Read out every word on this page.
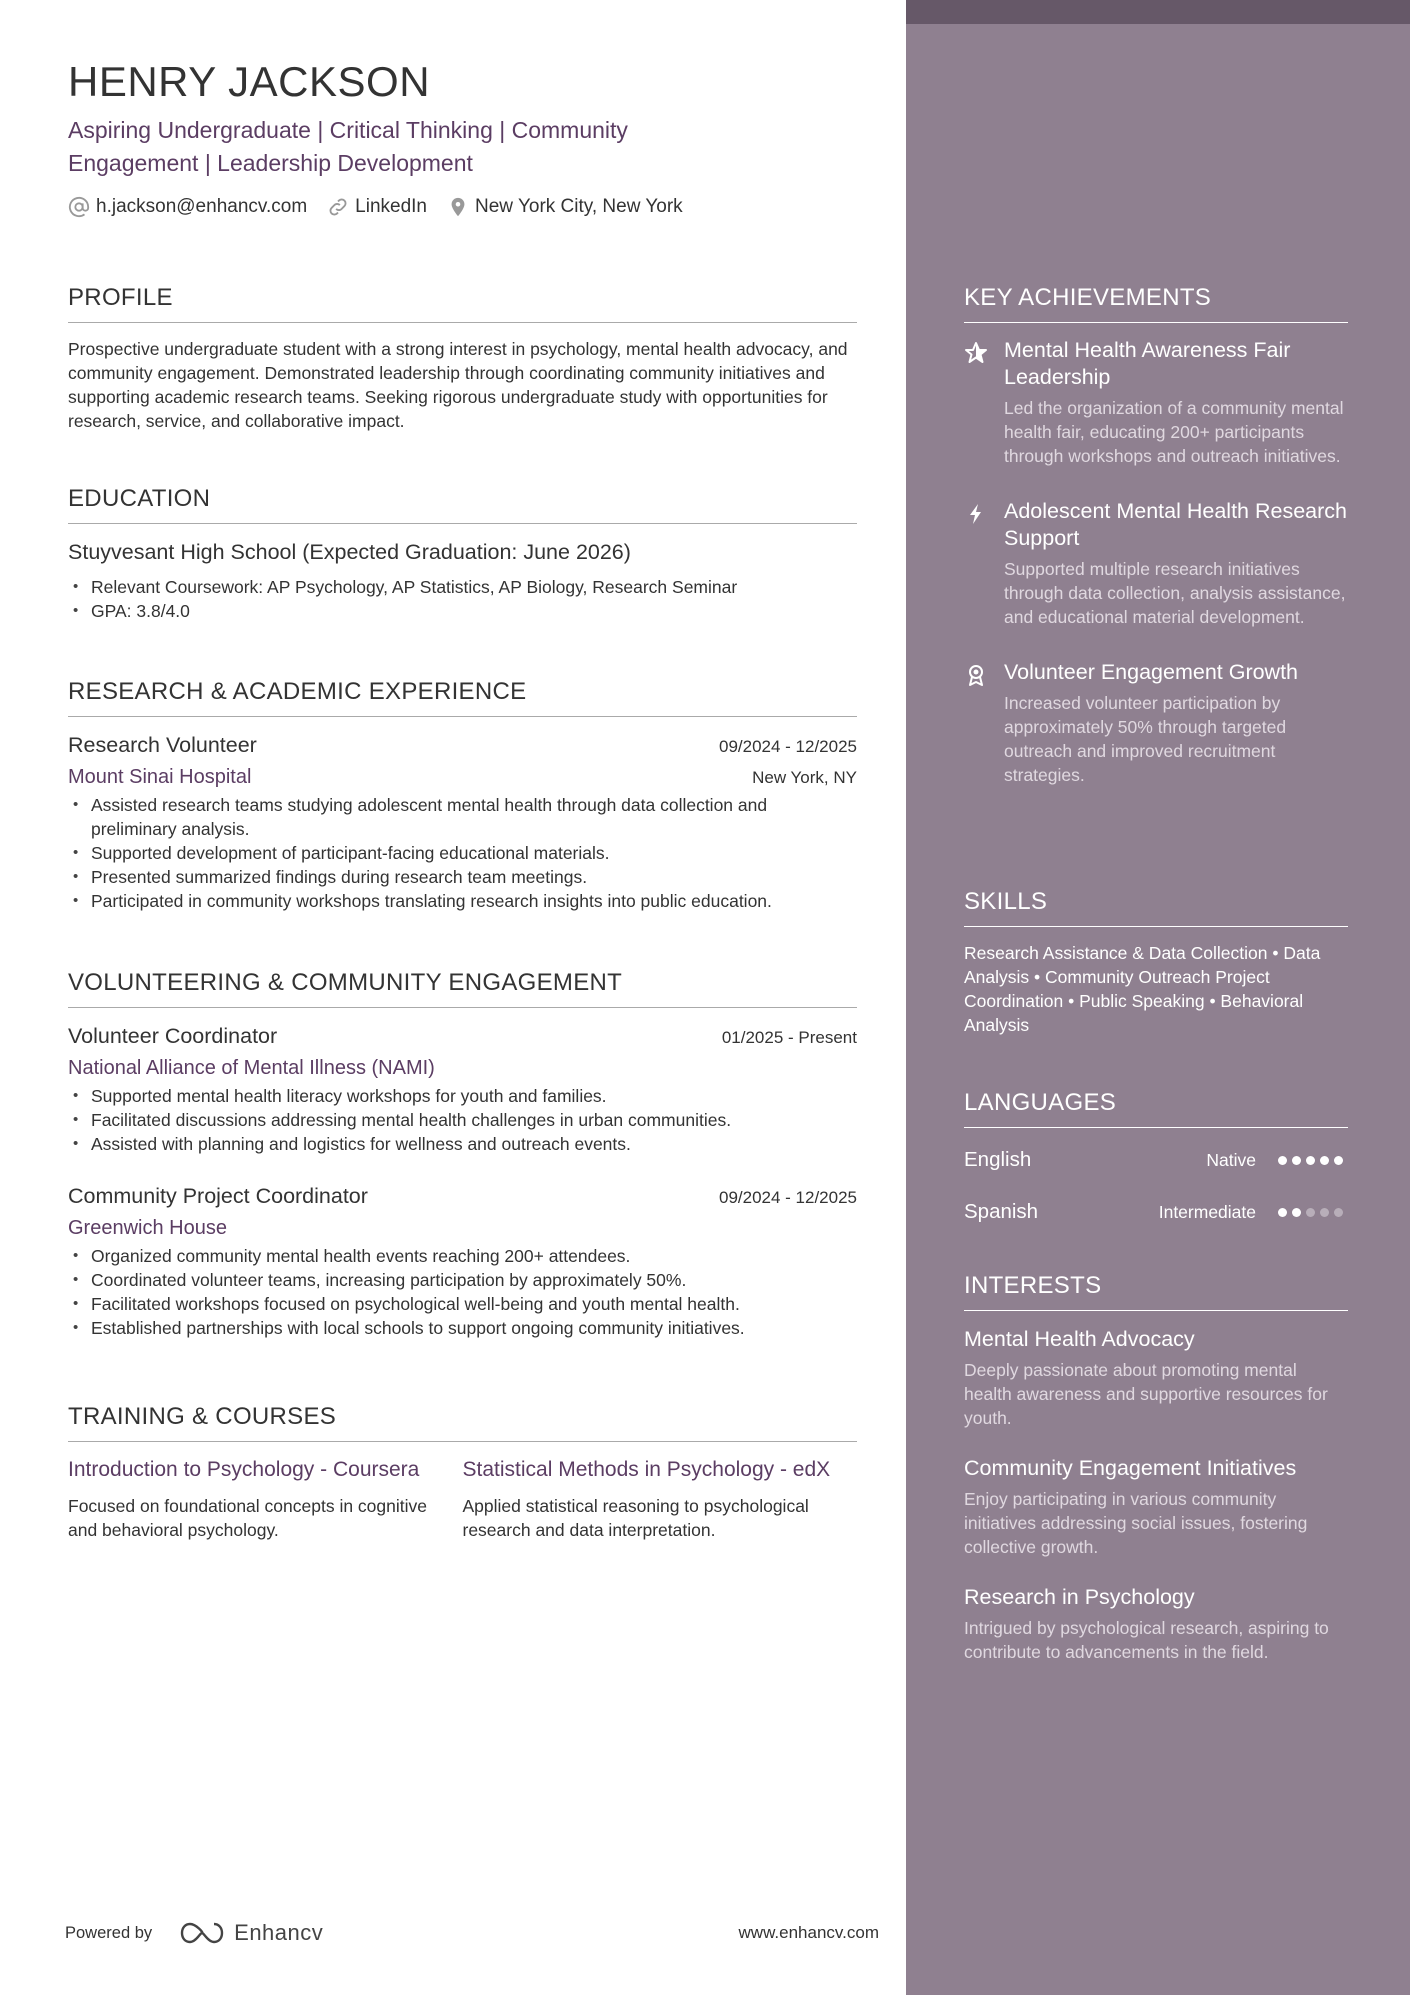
HENRY JACKSON
Aspiring Undergraduate | Critical Thinking | Community Engagement | Leadership Development
h.jackson@enhancv.com	LinkedIn	New York City, New York
PROFILE
Prospective undergraduate student with a strong interest in psychology, mental health advocacy, and community engagement. Demonstrated leadership through coordinating community initiatives and supporting academic research teams. Seeking rigorous undergraduate study with opportunities for research, service, and collaborative impact.
EDUCATION
Stuyvesant High School (Expected Graduation: June 2026)
• Relevant Coursework: AP Psychology, AP Statistics, AP Biology, Research Seminar
• GPA: 3.8/4.0
RESEARCH & ACADEMIC EXPERIENCE
Research Volunteer	09/2024 - 12/2025
Mount Sinai Hospital	New York, NY
• Assisted research teams studying adolescent mental health through data collection and preliminary analysis.
• Supported development of participant-facing educational materials.
• Presented summarized findings during research team meetings.
• Participated in community workshops translating research insights into public education.
VOLUNTEERING & COMMUNITY ENGAGEMENT
Volunteer Coordinator	01/2025 - Present
National Alliance of Mental Illness (NAMI)
• Supported mental health literacy workshops for youth and families.
• Facilitated discussions addressing mental health challenges in urban communities.
• Assisted with planning and logistics for wellness and outreach events.
Community Project Coordinator	09/2024 - 12/2025
Greenwich House
• Organized community mental health events reaching 200+ attendees.
• Coordinated volunteer teams, increasing participation by approximately 50%.
• Facilitated workshops focused on psychological well-being and youth mental health.
• Established partnerships with local schools to support ongoing community initiatives.
TRAINING & COURSES
Introduction to Psychology - Coursera
Focused on foundational concepts in cognitive and behavioral psychology.
Statistical Methods in Psychology - edX
Applied statistical reasoning to psychological research and data interpretation.
Powered by	Enhancv	www.enhancv.com
KEY ACHIEVEMENTS
Mental Health Awareness Fair Leadership
Led the organization of a community mental health fair, educating 200+ participants through workshops and outreach initiatives.
Adolescent Mental Health Research Support
Supported multiple research initiatives through data collection, analysis assistance, and educational material development.
Volunteer Engagement Growth
Increased volunteer participation by approximately 50% through targeted outreach and improved recruitment strategies.
SKILLS
Research Assistance & Data Collection • Data Analysis • Community Outreach Project Coordination • Public Speaking • Behavioral Analysis
LANGUAGES
English	Native
Spanish	Intermediate
INTERESTS
Mental Health Advocacy
Deeply passionate about promoting mental health awareness and supportive resources for youth.
Community Engagement Initiatives
Enjoy participating in various community initiatives addressing social issues, fostering collective growth.
Research in Psychology
Intrigued by psychological research, aspiring to contribute to advancements in the field.
